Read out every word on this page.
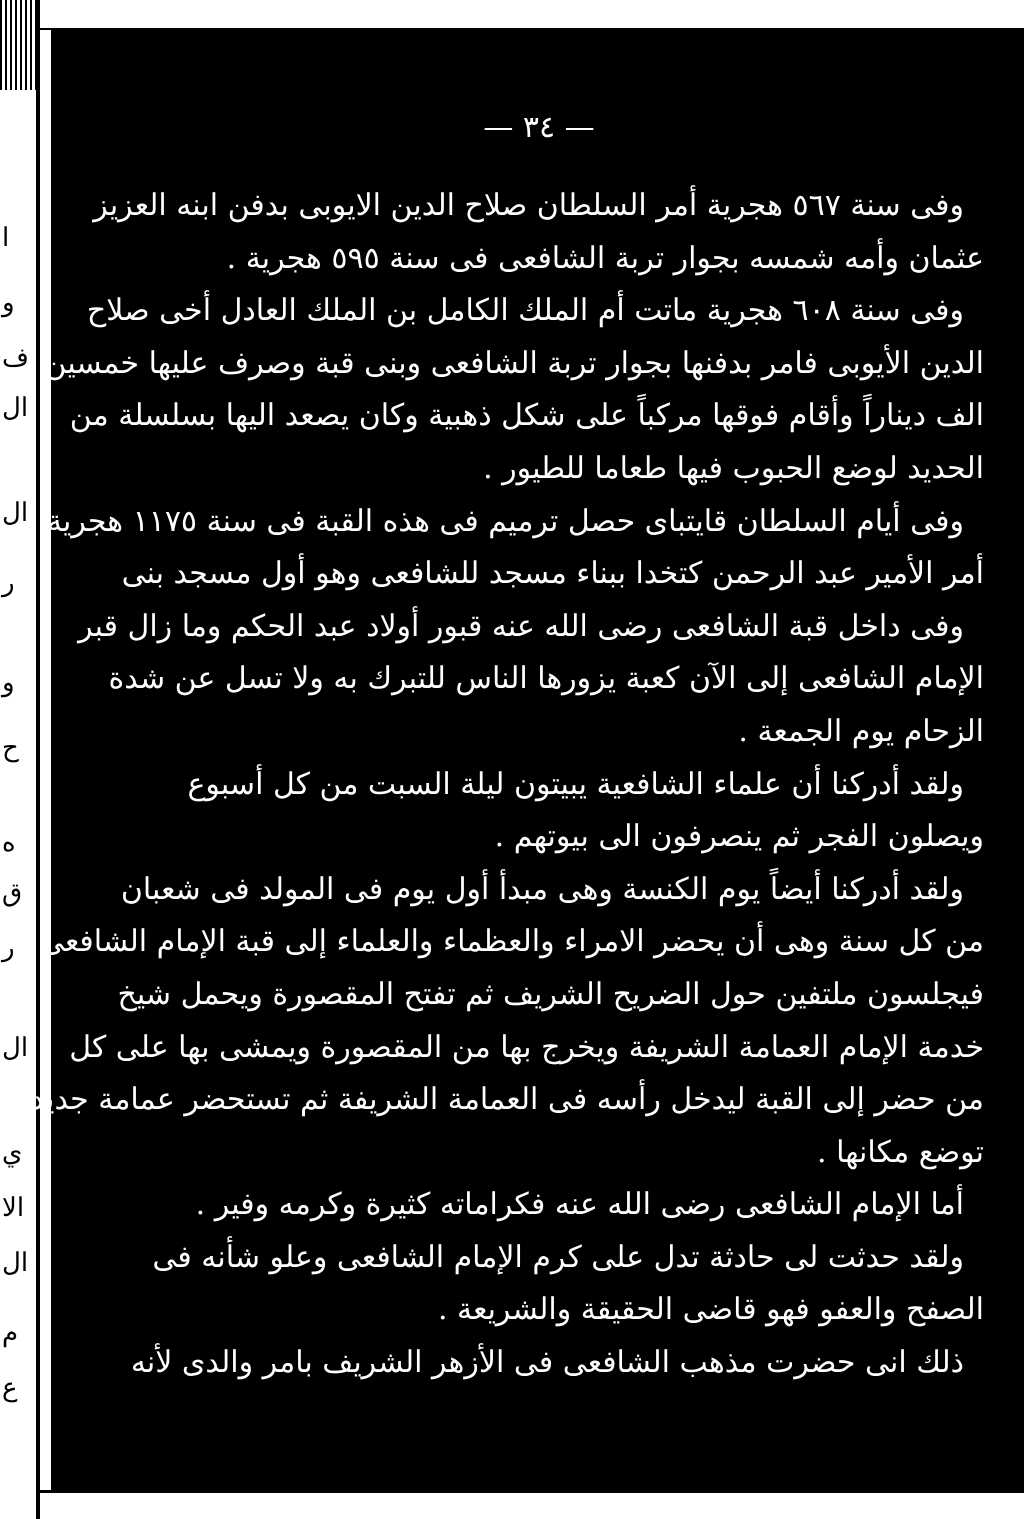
ا
و
ف
ال
ال
ر
و
ح
ه
ق
ر
ال
ي
الا
ال
م
ع
— ٣٤ —
وفى سنة ٥٦٧ هجرية أمر السلطان صلاح الدين الايوبى بدفن ابنه العزيز
عثمان وأمه شمسه بجوار تربة الشافعى فى سنة ٥٩٥ هجرية .
وفى سنة ٦٠٨ هجرية ماتت أم الملك الكامل بن الملك العادل أخى صلاح
الدين الأيوبى فامر بدفنها بجوار تربة الشافعى وبنى قبة وصرف عليها خمسين
الف ديناراً وأقام فوقها مركباً على شكل ذهبية وكان يصعد اليها بسلسلة من
الحديد لوضع الحبوب فيها طعاما للطيور .
وفى أيام السلطان قايتباى حصل ترميم فى هذه القبة فى سنة ١١٧٥ هجرية .
أمر الأمير عبد الرحمن كتخدا ببناء مسجد للشافعى وهو أول مسجد بنى
وفى داخل قبة الشافعى رضى الله عنه قبور أولاد عبد الحكم وما زال قبر
الإمام الشافعى إلى الآن كعبة يزورها الناس للتبرك به ولا تسل عن شدة
الزحام يوم الجمعة .
ولقد أدركنا أن علماء الشافعية يبيتون ليلة السبت من كل أسبوع
ويصلون الفجر ثم ينصرفون الى بيوتهم .
ولقد أدركنا أيضاً يوم الكنسة وهى مبدأ أول يوم فى المولد فى شعبان
من كل سنة وهى أن يحضر الامراء والعظماء والعلماء إلى قبة الإمام الشافعى
فيجلسون ملتفين حول الضريح الشريف ثم تفتح المقصورة ويحمل شيخ
خدمة الإمام العمامة الشريفة ويخرج بها من المقصورة ويمشى بها على كل
من حضر إلى القبة ليدخل رأسه فى العمامة الشريفة ثم تستحضر عمامة جديدة
توضع مكانها .
أما الإمام الشافعى رضى الله عنه فكراماته كثيرة وكرمه وفير .
ولقد حدثت لى حادثة تدل على كرم الإمام الشافعى وعلو شأنه فى
الصفح والعفو فهو قاضى الحقيقة والشريعة .
ذلك انى حضرت مذهب الشافعى فى الأزهر الشريف بامر والدى لأنه
